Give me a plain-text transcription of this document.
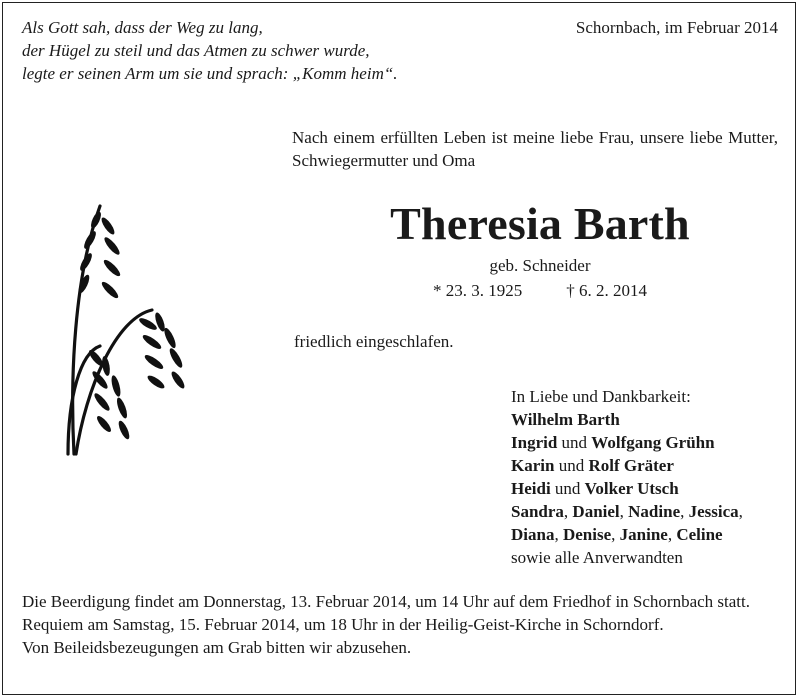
Als Gott sah, dass der Weg zu lang,
der Hügel zu steil und das Atmen zu schwer wurde,
legte er seinen Arm um sie und sprach: „Komm heim“.
Schornbach, im Februar 2014
Nach einem erfüllten Leben ist meine liebe Frau, unsere liebe Mutter, Schwiegermutter und Oma
Theresia Barth
geb. Schneider
* 23. 3. 1925	† 6. 2. 2014
friedlich eingeschlafen.
In Liebe und Dankbarkeit:
Wilhelm Barth
Ingrid und Wolfgang Grühn
Karin und Rolf Gräter
Heidi und Volker Utsch
Sandra, Daniel, Nadine, Jessica,
Diana, Denise, Janine, Celine
sowie alle Anverwandten
Die Beerdigung findet am Donnerstag, 13. Februar 2014, um 14 Uhr auf dem Friedhof in Schornbach statt.
Requiem am Samstag, 15. Februar 2014, um 18 Uhr in der Heilig-Geist-Kirche in Schorndorf.
Von Beileidsbezeugungen am Grab bitten wir abzusehen.
